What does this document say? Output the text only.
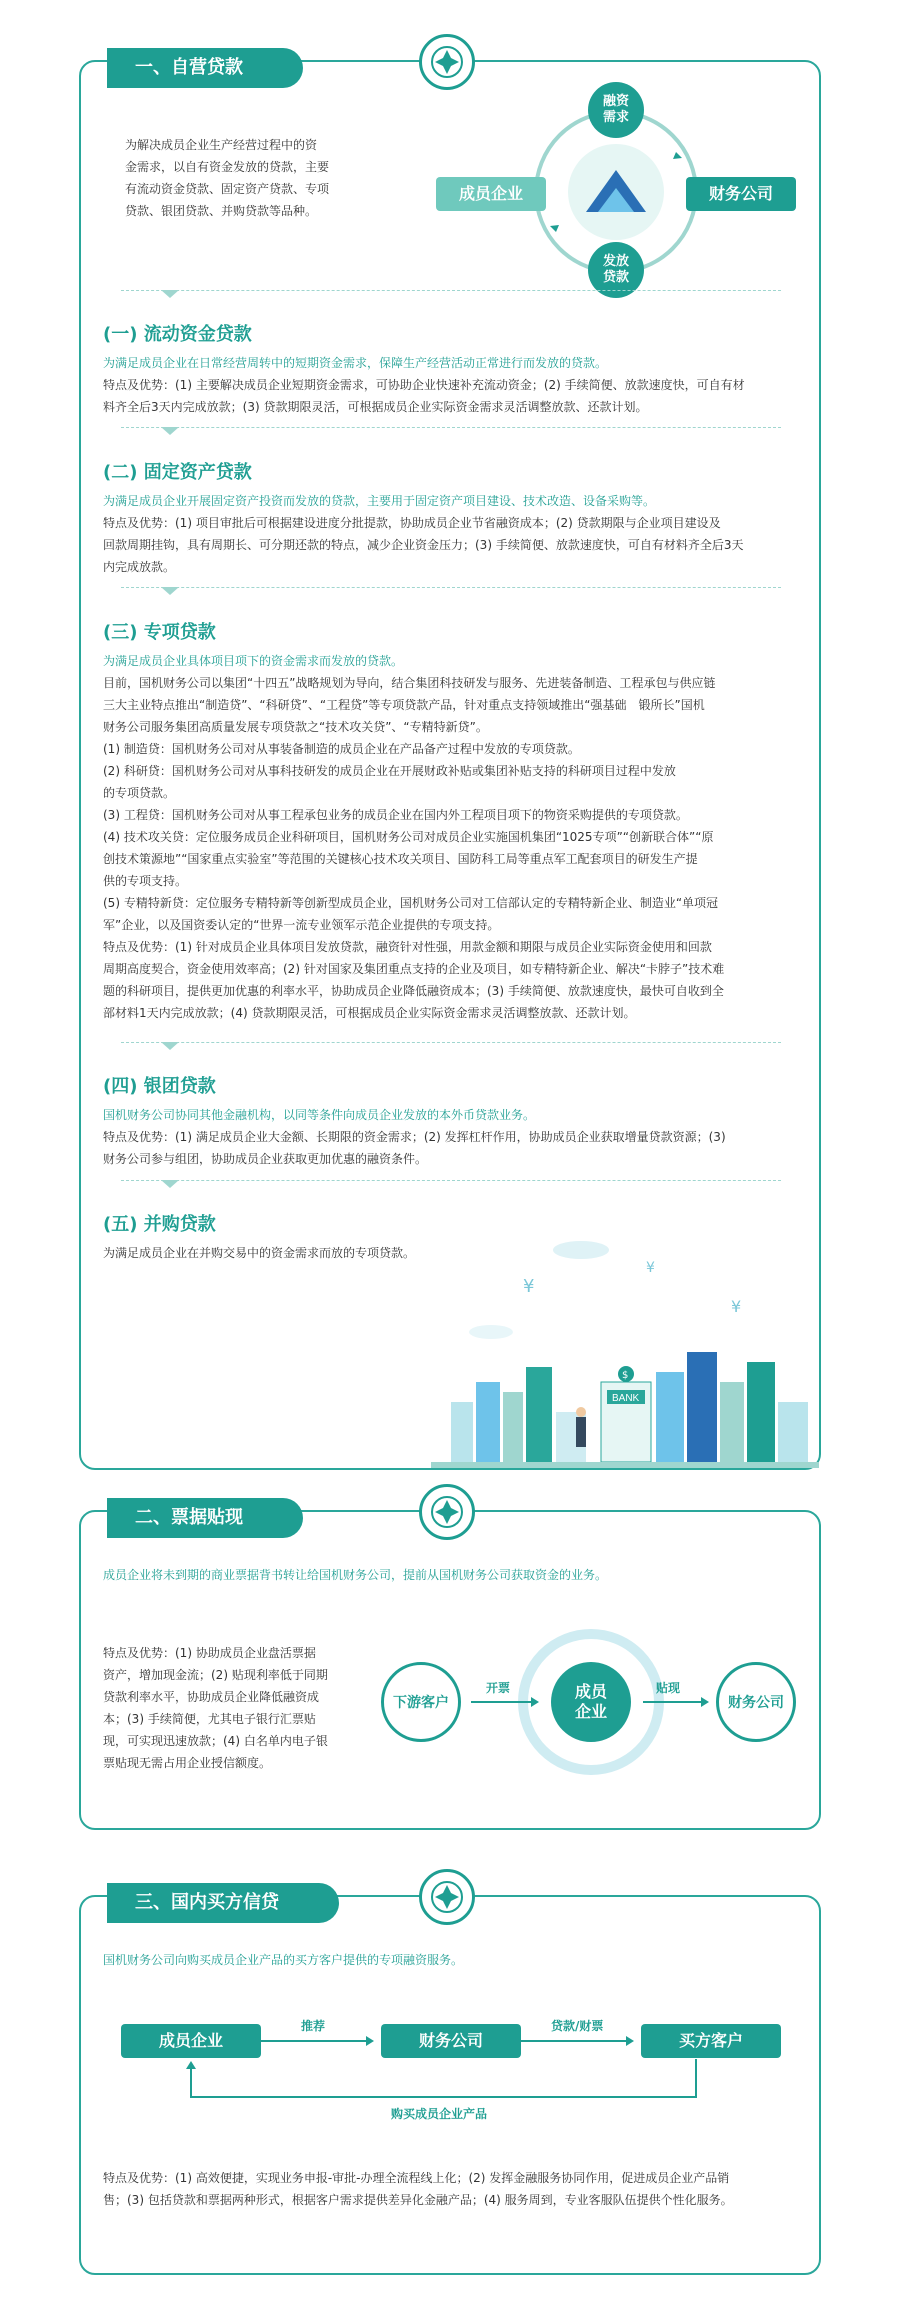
一、自营贷款
为解决成员企业生产经营过程中的资
金需求，以自有资金发放的贷款，主要
有流动资金贷款、固定资产贷款、专项
贷款、银团贷款、并购贷款等品种。
成员企业	财务公司
融资
需求
发放
贷款
(一) 流动资金贷款
为满足成员企业在日常经营周转中的短期资金需求，保障生产经营活动正常进行而发放的贷款。
特点及优势：(1) 主要解决成员企业短期资金需求，可协助企业快速补充流动资金；(2) 手续简便、放款速度快，可自有材
料齐全后3天内完成放款；(3) 贷款期限灵活，可根据成员企业实际资金需求灵活调整放款、还款计划。
(二) 固定资产贷款
为满足成员企业开展固定资产投资而发放的贷款，主要用于固定资产项目建设、技术改造、设备采购等。
特点及优势：(1) 项目审批后可根据建设进度分批提款，协助成员企业节省融资成本；(2) 贷款期限与企业项目建设及
回款周期挂钩，具有周期长、可分期还款的特点，减少企业资金压力；(3) 手续简便、放款速度快，可自有材料齐全后3天
内完成放款。
(三) 专项贷款
为满足成员企业具体项目项下的资金需求而发放的贷款。
目前，国机财务公司以集团“十四五”战略规划为导向，结合集团科技研发与服务、先进装备制造、工程承包与供应链
三大主业特点推出“制造贷”、“科研贷”、“工程贷”等专项贷款产品，针对重点支持领域推出“强基础　锻所长”国机
财务公司服务集团高质量发展专项贷款之“技术攻关贷”、“专精特新贷”。
(1) 制造贷：国机财务公司对从事装备制造的成员企业在产品备产过程中发放的专项贷款。
(2) 科研贷：国机财务公司对从事科技研发的成员企业在开展财政补贴或集团补贴支持的科研项目过程中发放
的专项贷款。
(3) 工程贷：国机财务公司对从事工程承包业务的成员企业在国内外工程项目项下的物资采购提供的专项贷款。
(4) 技术攻关贷：定位服务成员企业科研项目，国机财务公司对成员企业实施国机集团“1025专项”“创新联合体”“原
创技术策源地”“国家重点实验室”等范围的关键核心技术攻关项目、国防科工局等重点军工配套项目的研发生产提
供的专项支持。
(5) 专精特新贷：定位服务专精特新等创新型成员企业，国机财务公司对工信部认定的专精特新企业、制造业“单项冠
军”企业，以及国资委认定的“世界一流专业领军示范企业提供的专项支持。
特点及优势：(1) 针对成员企业具体项目发放贷款，融资针对性强，用款金额和期限与成员企业实际资金使用和回款
周期高度契合，资金使用效率高；(2) 针对国家及集团重点支持的企业及项目，如专精特新企业、解决“卡脖子”技术难
题的科研项目，提供更加优惠的利率水平，协助成员企业降低融资成本；(3) 手续简便、放款速度快，最快可自收到全
部材料1天内完成放款；(4) 贷款期限灵活，可根据成员企业实际资金需求灵活调整放款、还款计划。
(四) 银团贷款
国机财务公司协同其他金融机构，以同等条件向成员企业发放的本外币贷款业务。
特点及优势：(1) 满足成员企业大金额、长期限的资金需求；(2) 发挥杠杆作用，协助成员企业获取增量贷款资源；(3)
财务公司参与组团，协助成员企业获取更加优惠的融资条件。
(五) 并购贷款
为满足成员企业在并购交易中的资金需求而放的专项贷款。
¥
¥
¥
BANK
$
二、票据贴现
成员企业将未到期的商业票据背书转让给国机财务公司，提前从国机财务公司获取资金的业务。
特点及优势：(1) 协助成员企业盘活票据
资产，增加现金流；(2) 贴现利率低于同期
贷款利率水平，协助成员企业降低融资成
本；(3) 手续简便，尤其电子银行汇票贴
现，可实现迅速放款；(4) 白名单内电子银
票贴现无需占用企业授信额度。
下游客户
成员
企业	财务公司
开票	贴现
三、国内买方信贷
国机财务公司向购买成员企业产品的买方客户提供的专项融资服务。
成员企业	财务公司	买方客户
推荐	贷款/财票
购买成员企业产品
特点及优势：(1) 高效便捷，实现业务申报-审批-办理全流程线上化；(2) 发挥金融服务协同作用，促进成员企业产品销
售；(3) 包括贷款和票据两种形式，根据客户需求提供差异化金融产品；(4) 服务周到，专业客服队伍提供个性化服务。
